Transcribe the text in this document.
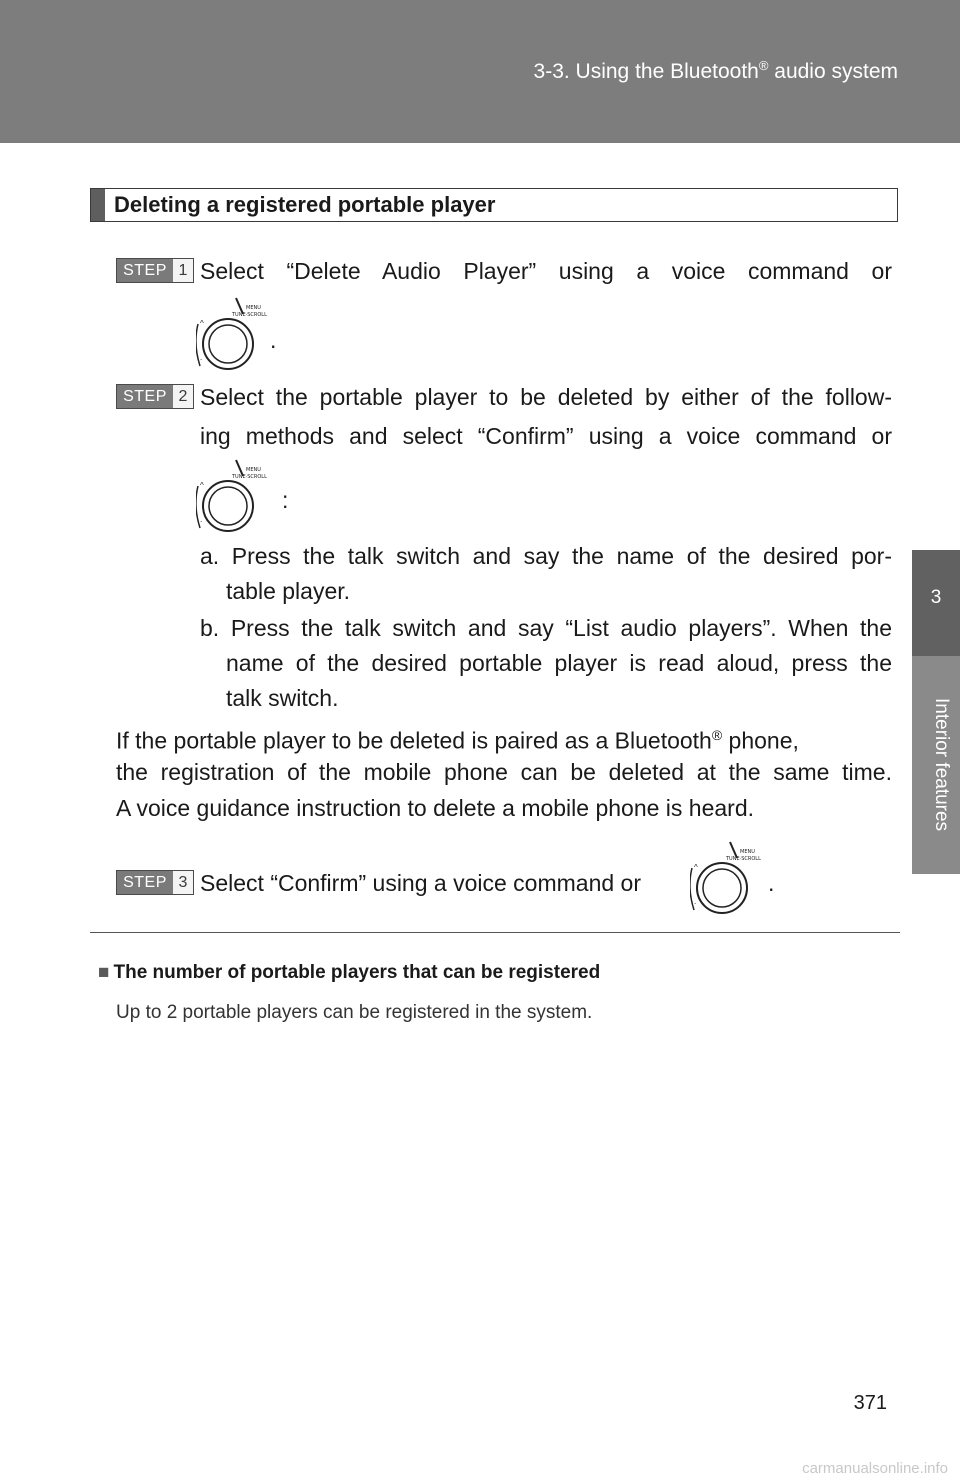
3-3. Using the Bluetooth® audio system
3
Interior features
Deleting a registered portable player
STEP 1 Select “Delete Audio Player” using a voice command or
MENU
TUNE·SCROLL
^
.
.
STEP 2 Select the portable player to be deleted by either of the follow-
ing methods and select “Confirm” using a voice command or
MENU
TUNE·SCROLL
^
.
:
a. Press the talk switch and say the name of the desired por-
table player.
b. Press the talk switch and say “List audio players”. When the
name of the desired portable player is read aloud, press the
talk switch.
If the portable player to be deleted is paired as a Bluetooth® phone,
the registration of the mobile phone can be deleted at the same time.
A voice guidance instruction to delete a mobile phone is heard.
STEP 3 Select “Confirm” using a voice command or
MENU
TUNE·SCROLL
^
.
.
■ The number of portable players that can be registered
Up to 2 portable players can be registered in the system.
371
carmanualsonline.info
